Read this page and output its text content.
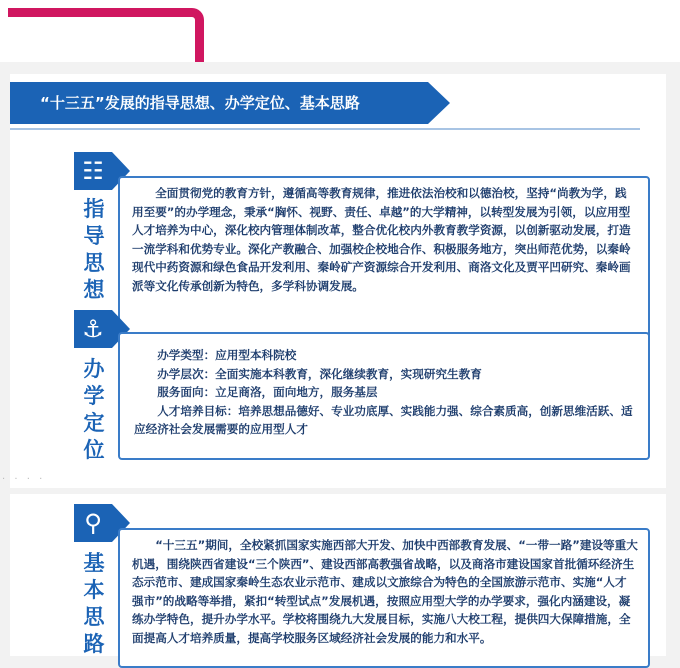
“十三五”发展的指导思想、办学定位、基本思路
☷
指导思想
全面贯彻党的教育方针，遵循高等教育规律，推进依法治校和以德治校，坚持“尚教为学，践用至要”的办学理念，秉承“胸怀、视野、责任、卓越”的大学精神，以转型发展为引领，以应用型人才培养为中心，深化校内管理体制改革，整合优化校内外教育教学资源，以创新驱动发展，打造一流学科和优势专业。深化产教融合、加强校企校地合作、积极服务地方，突出师范优势，以秦岭现代中药资源和绿色食品开发利用、秦岭矿产资源综合开发利用、商洛文化及贾平凹研究、秦岭画派等文化传承创新为特色，多学科协调发展。
⚓
办学定位
办学类型：应用型本科院校
办学层次：全面实施本科教育，深化继续教育，实现研究生教育
服务面向：立足商洛，面向地方，服务基层
人才培养目标：培养思想品德好、专业功底厚、实践能力强、综合素质高，创新思维活跃、适应经济社会发展需要的应用型人才
· · · ·
⚲
基本思路
“十三五”期间，全校紧抓国家实施西部大开发、加快中西部教育发展、“一带一路”建设等重大机遇，围绕陕西省建设“三个陕西”、建设西部高教强省战略，以及商洛市建设国家首批循环经济生态示范市、建成国家秦岭生态农业示范市、建成以文旅综合为特色的全国旅游示范市、实施“人才强市”的战略等举措，紧扣“转型试点”发展机遇，按照应用型大学的办学要求，强化内涵建设，凝练办学特色，提升办学水平。学校将围绕九大发展目标，实施八大校工程，提供四大保障措施，全面提高人才培养质量，提高学校服务区域经济社会发展的能力和水平。
